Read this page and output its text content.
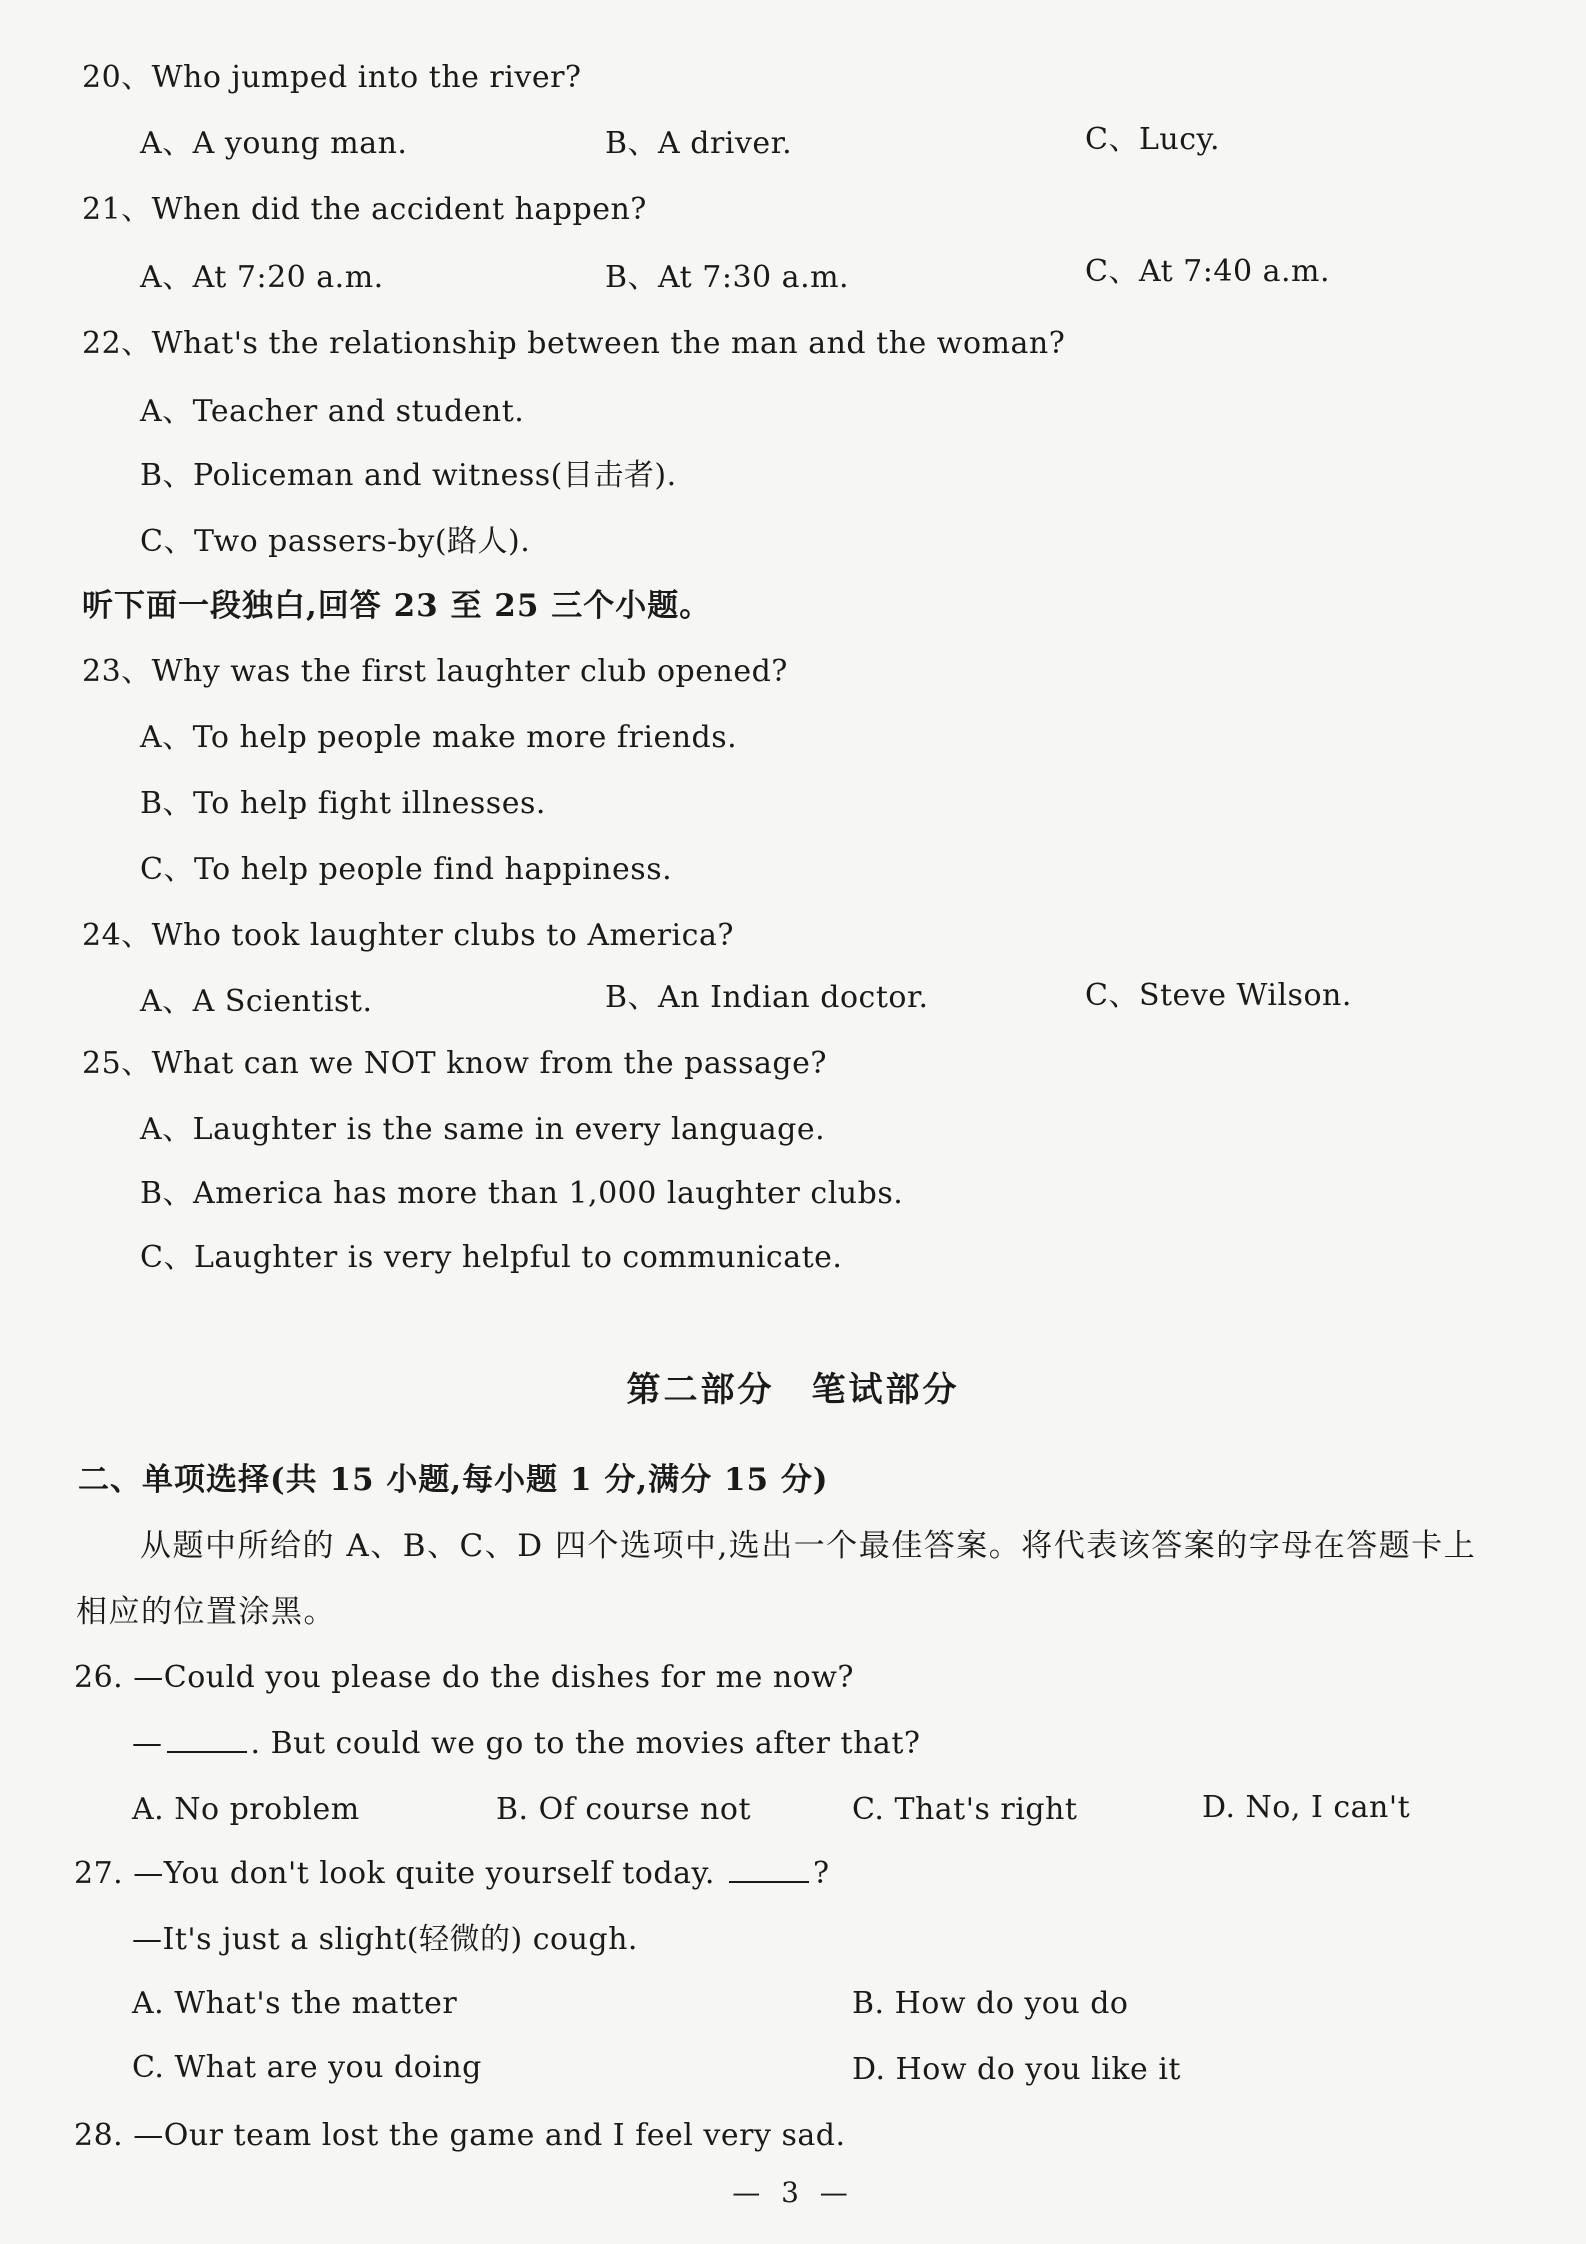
20、Who jumped into the river?
A、A young man.	B、A driver.	C、Lucy.
21、When did the accident happen?
A、At 7:20 a.m.	B、At 7:30 a.m.	C、At 7:40 a.m.
22、What's the relationship between the man and the woman?
A、Teacher and student.
B、Policeman and witness(目击者).
C、Two passers-by(路人).
听下面一段独白,回答 23 至 25 三个小题。
23、Why was the first laughter club opened?
A、To help people make more friends.
B、To help fight illnesses.
C、To help people find happiness.
24、Who took laughter clubs to America?
A、A Scientist.	B、An Indian doctor.	C、Steve Wilson.
25、What can we NOT know from the passage?
A、Laughter is the same in every language.
B、America has more than 1,000 laughter clubs.
C、Laughter is very helpful to communicate.
第二部分　笔试部分
二、单项选择(共 15 小题,每小题 1 分,满分 15 分)
从题中所给的 A、B、C、D 四个选项中,选出一个最佳答案。将代表该答案的字母在答题卡上
相应的位置涂黑。
26. —Could you please do the dishes for me now?
—	. But could we go to the movies after that?
A. No problem	B. Of course not	C. That's right	D. No, I can't
27. —You don't look quite yourself today.	?
—It's just a slight(轻微的) cough.
A. What's the matter	B. How do you do
C. What are you doing	D. How do you like it
28. —Our team lost the game and I feel very sad.
— 3 —
